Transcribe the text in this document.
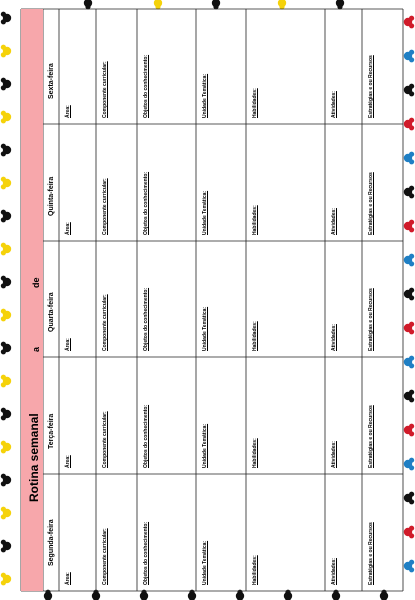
Rotina semanal
a
de
Segunda-feira
Área:	Componente curricular:	Objetos do conhecimento:	Unidade Temática:	Habilidades:	Atividades:	Estratégias e ou Recursos
Terça-feira
Área:	Componente curricular:	Objetos do conhecimento:	Unidade Temática:	Habilidades:	Atividades:	Estratégias e ou Recursos
Quarta-feira
Área:	Componente curricular:	Objetos do conhecimento:	Unidade Temática:	Habilidades:	Atividades:	Estratégias e ou Recursos
Quinta-feira
Área:	Componente curricular:	Objetos do conhecimento:	Unidade Temática:	Habilidades:	Atividades:	Estratégias e ou Recursos
Sexta-feira
Área:	Componente curricular:	Objetos do conhecimento:	Unidade Temática:	Habilidades:	Atividades:	Estratégias e ou Recursos
